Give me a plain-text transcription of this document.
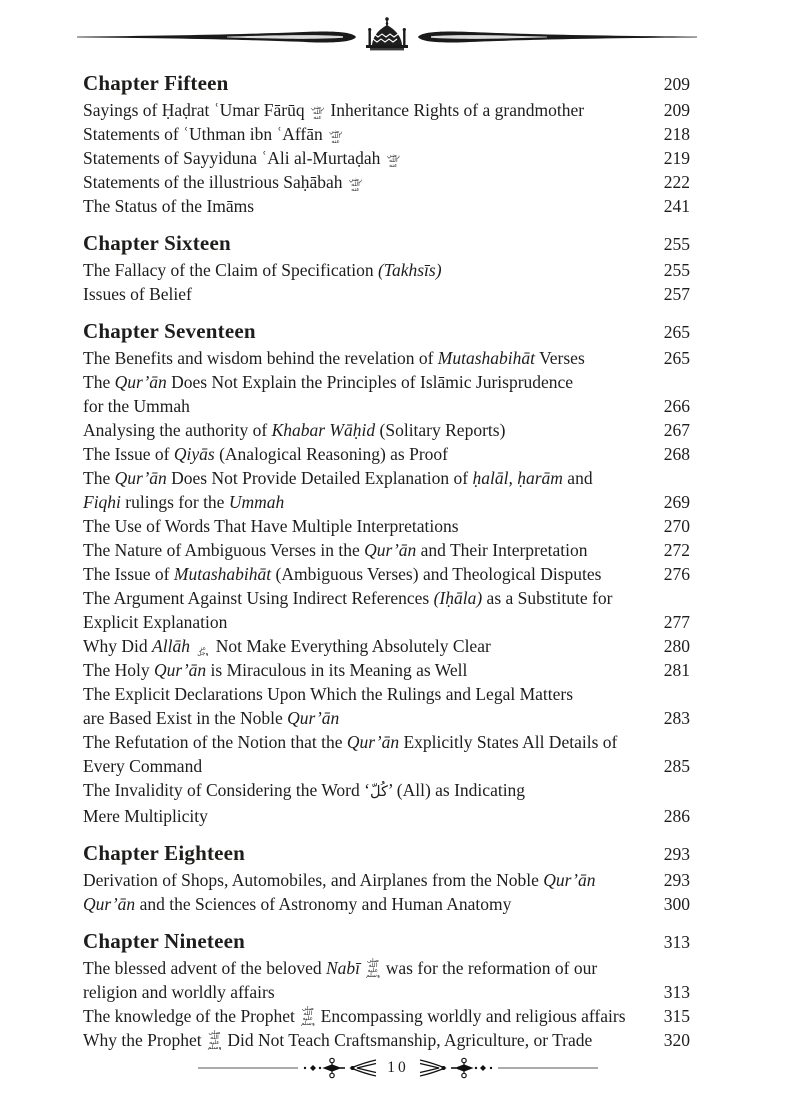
Chapter Fifteen	209
Sayings of Ḥaḍrat ʿUmar Fārūq رضي الله عنه Inheritance Rights of a grandmother	209
Statements of ʿUthman ibn ʿAffān رضي الله عنه	218
Statements of Sayyiduna ʿAli al-Murtaḍah رضي الله عنه	219
Statements of the illustrious Saḥābah رضي الله عنه	222
The Status of the Imāms	241
Chapter Sixteen	255
The Fallacy of the Claim of Specification (Takhsīs)	255
Issues of Belief	257
Chapter Seventeen	265
The Benefits and wisdom behind the revelation of Mutashabihāt Verses	265
The Qur’ān Does Not Explain the Principles of Islāmic Jurisprudence
for the Ummah	266
Analysing the authority of Khabar Wāḥid (Solitary Reports)	267
The Issue of Qiyās (Analogical Reasoning) as Proof	268
The Qur’ān Does Not Provide Detailed Explanation of ḥalāl, ḥarām and
Fiqhi rulings for the Ummah	269
The Use of Words That Have Multiple Interpretations	270
The Nature of Ambiguous Verses in the Qur’ān and Their Interpretation	272
The Issue of Mutashabihāt (Ambiguous Verses) and Theological Disputes	276
The Argument Against Using Indirect References (Iḥāla) as a Substitute for
Explicit Explanation	277
Why Did Allāh عز وجل Not Make Everything Absolutely Clear	280
The Holy Qur’ān is Miraculous in its Meaning as Well	281
The Explicit Declarations Upon Which the Rulings and Legal Matters
are Based Exist in the Noble Qur’ān	283
The Refutation of the Notion that the Qur’ān Explicitly States All Details of
Every Command	285
The Invalidity of Considering the Word ‘كُلّ’ (All) as Indicating
Mere Multiplicity	286
Chapter Eighteen	293
Derivation of Shops, Automobiles, and Airplanes from the Noble Qur’ān	293
Qur’ān and the Sciences of Astronomy and Human Anatomy	300
Chapter Nineteen	313
The blessed advent of the beloved Nabī صلى الله عليه وسلم was for the reformation of our
religion and worldly affairs	313
The knowledge of the Prophet صلى الله عليه وسلم Encompassing worldly and religious affairs 315
Why the Prophet صلى الله عليه وسلم Did Not Teach Craftsmanship, Agriculture, or Trade	320
10
